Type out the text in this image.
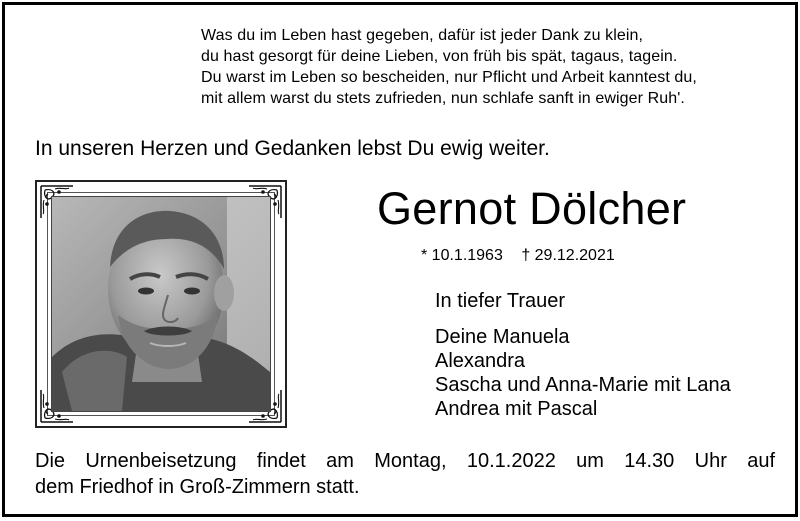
Was du im Leben hast gegeben, dafür ist jeder Dank zu klein,
du hast gesorgt für deine Lieben, von früh bis spät, tagaus, tagein.
Du warst im Leben so bescheiden, nur Pflicht und Arbeit kanntest du,
mit allem warst du stets zufrieden, nun schlafe sanft in ewiger Ruh'.
In unseren Herzen und Gedanken lebst Du ewig weiter.
Gernot Dölcher
* 10.1.1963 † 29.12.2021
In tiefer Trauer
Deine Manuela
Alexandra
Sascha und Anna-Marie mit Lana
Andrea mit Pascal
Die Urnenbeisetzung findet am Montag, 10.1.2022 um 14.30 Uhr auf
dem Friedhof in Groß-Zimmern statt.
